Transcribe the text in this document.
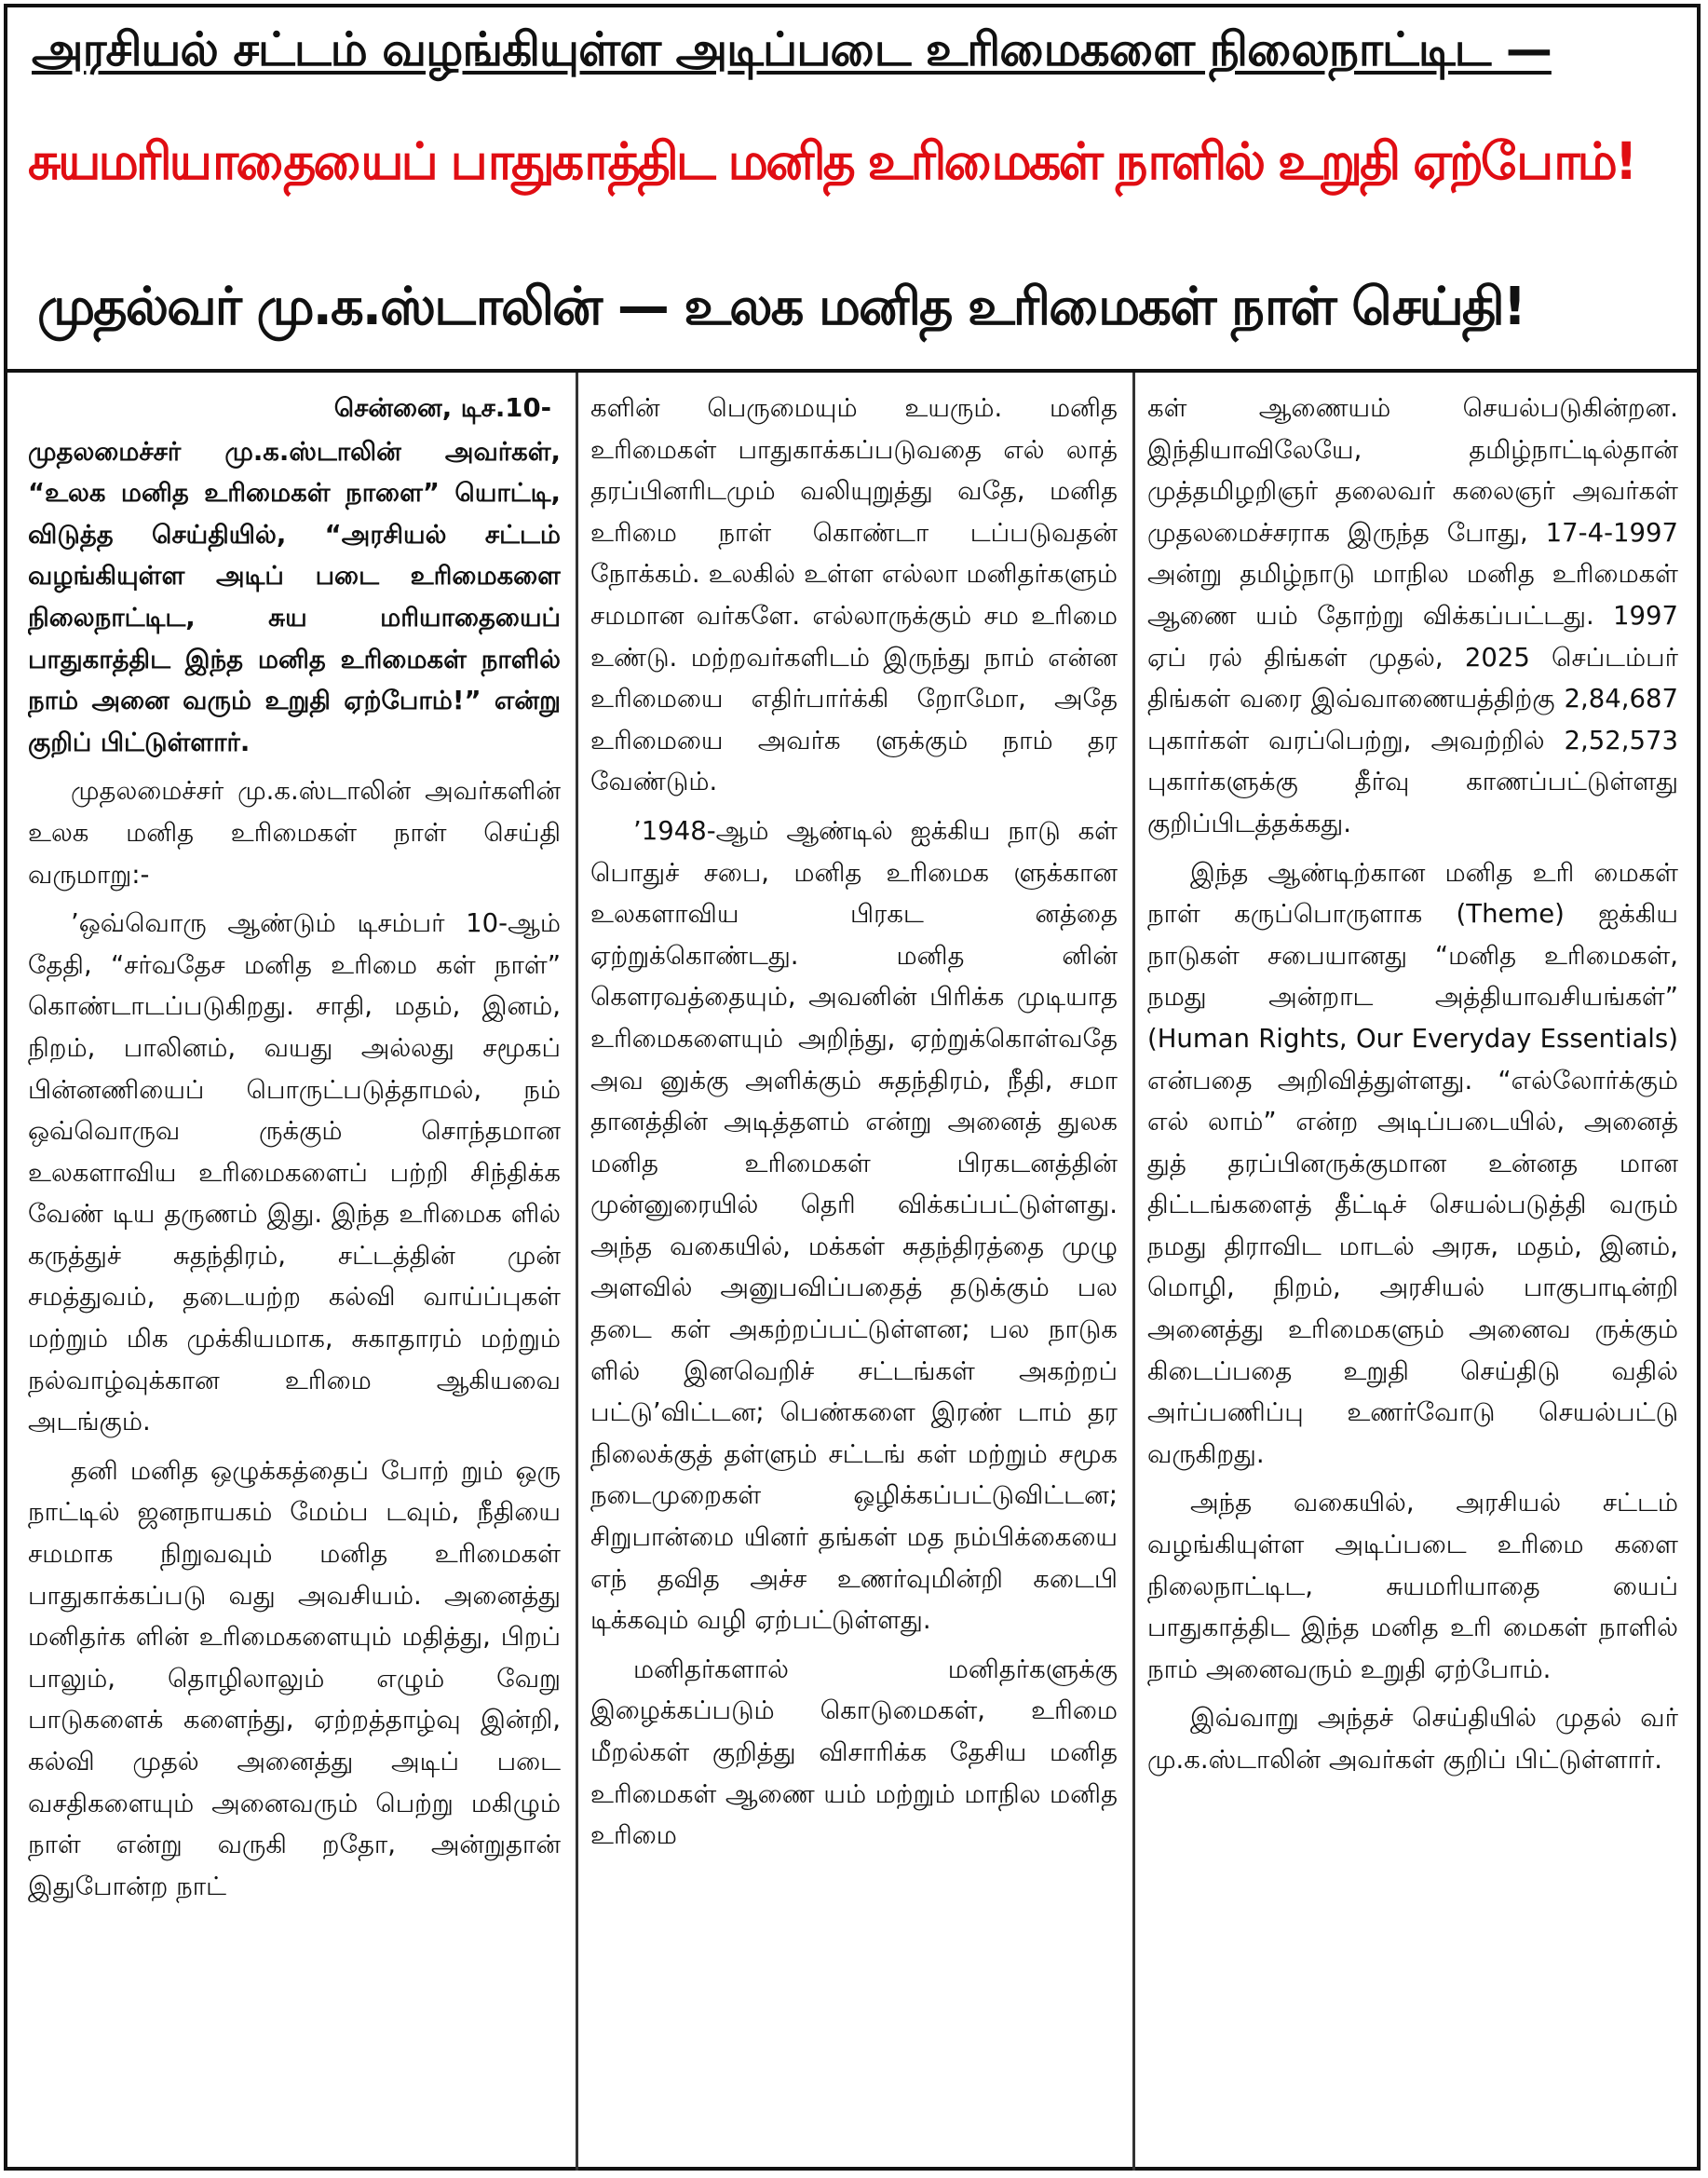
அரசியல் சட்டம் வழங்கியுள்ள அடிப்படை உரிமைகளை நிலைநாட்டிட —
சுயமரியாதையைப் பாதுகாத்திட மனித உரிமைகள் நாளில் உறுதி ஏற்போம்!
முதல்வர் மு.க.ஸ்டாலின் — உலக மனித உரிமைகள் நாள் செய்தி!

சென்னை, டிச.10-

முதலமைச்சர் மு.க.ஸ்டாலின் அவர்கள், “உலக மனித உரிமைகள் நாளை” யொட்டி, விடுத்த செய்தியில், “அரசியல் சட்டம் வழங்கியுள்ள அடிப் படை உரிமைகளை நிலைநாட்டிட, சுய மரியாதையைப் பாதுகாத்திட இந்த மனித உரிமைகள் நாளில் நாம் அனை வரும் உறுதி ஏற்போம்!” என்று குறிப் பிட்டுள்ளார்.

முதலமைச்சர் மு.க.ஸ்டாலின் அவர்களின் உலக மனித உரிமைகள் நாள் செய்தி வருமாறு:-

’ஒவ்வொரு ஆண்டும் டிசம்பர் 10-ஆம் தேதி, “சர்வதேச மனித உரிமை கள் நாள்” கொண்டாடப்படுகிறது. சாதி, மதம், இனம், நிறம், பாலினம், வயது அல்லது சமூகப் பின்னணியைப் பொருட்படுத்தாமல், நம் ஒவ்வொருவ ருக்கும் சொந்தமான உலகளாவிய உரிமைகளைப் பற்றி சிந்திக்க வேண் டிய தருணம் இது. இந்த உரிமைக ளில் கருத்துச் சுதந்திரம், சட்டத்தின் முன் சமத்துவம், தடையற்ற கல்வி வாய்ப்புகள் மற்றும் மிக முக்கியமாக, சுகாதாரம் மற்றும் நல்வாழ்வுக்கான உரிமை ஆகியவை அடங்கும்.

தனி மனித ஒழுக்கத்தைப் போற் றும் ஒரு நாட்டில் ஜனநாயகம் மேம்ப டவும், நீதியை சமமாக நிறுவவும் மனித உரிமைகள் பாதுகாக்கப்படு வது அவசியம். அனைத்து மனிதர்க ளின் உரிமைகளையும் மதித்து, பிறப் பாலும், தொழிலாலும் எழும் வேறு பாடுகளைக் களைந்து, ஏற்றத்தாழ்வு இன்றி, கல்வி முதல் அனைத்து அடிப் படை வசதிகளையும் அனைவரும் பெற்று மகிழும் நாள் என்று வருகி றதோ, அன்றுதான் இதுபோன்ற நாட்

களின் பெருமையும் உயரும். மனித உரிமைகள் பாதுகாக்கப்படுவதை எல் லாத் தரப்பினரிடமும் வலியுறுத்து வதே, மனித உரிமை நாள் கொண்டா டப்படுவதன் நோக்கம். உலகில் உள்ள எல்லா மனிதர்களும் சமமான வர்களே. எல்லாருக்கும் சம உரிமை உண்டு. மற்றவர்களிடம் இருந்து நாம் என்ன உரிமையை எதிர்பார்க்கி றோமோ, அதே உரிமையை அவர்க ளுக்கும் நாம் தர வேண்டும்.

’1948-ஆம் ஆண்டில் ஐக்கிய நாடு கள் பொதுச் சபை, மனித உரிமைக ளுக்கான உலகளாவிய பிரகட னத்தை ஏற்றுக்கொண்டது. மனித னின் கௌரவத்தையும், அவனின் பிரிக்க முடியாத உரிமைகளையும் அறிந்து, ஏற்றுக்கொள்வதே அவ னுக்கு அளிக்கும் சுதந்திரம், நீதி, சமா தானத்தின் அடித்தளம் என்று அனைத் துலக மனித உரிமைகள் பிரகடனத்தின் முன்னுரையில் தெரி விக்கப்பட்டுள்ளது. அந்த வகையில், மக்கள் சுதந்திரத்தை முழு அளவில் அனுபவிப்பதைத் தடுக்கும் பல தடை கள் அகற்றப்பட்டுள்ளன; பல நாடுக ளில் இனவெறிச் சட்டங்கள் அகற்றப் பட்டு’விட்டன; பெண்களை இரண் டாம் தர நிலைக்குத் தள்ளும் சட்டங் கள் மற்றும் சமூக நடைமுறைகள் ஒழிக்கப்பட்டுவிட்டன; சிறுபான்மை யினர் தங்கள் மத நம்பிக்கையை எந் தவித அச்ச உணர்வுமின்றி கடைபி டிக்கவும் வழி ஏற்பட்டுள்ளது.

மனிதர்களால் மனிதர்களுக்கு இழைக்கப்படும் கொடுமைகள், உரிமை மீறல்கள் குறித்து விசாரிக்க தேசிய மனித உரிமைகள் ஆணை யம் மற்றும் மாநில மனித உரிமை

கள் ஆணையம் செயல்படுகின்றன. இந்தியாவிலேயே, தமிழ்நாட்டில்தான் முத்தமிழறிஞர் தலைவர் கலைஞர் அவர்கள் முதலமைச்சராக இருந்த போது, 17-4-1997 அன்று தமிழ்நாடு மாநில மனித உரிமைகள் ஆணை யம் தோற்று விக்கப்பட்டது. 1997 ஏப் ரல் திங்கள் முதல், 2025 செப்டம்பர் திங்கள் வரை இவ்வாணையத்திற்கு 2,84,687 புகார்கள் வரப்பெற்று, அவற்றில் 2,52,573 புகார்களுக்கு தீர்வு காணப்பட்டுள்ளது குறிப்பிடத்தக்கது.

இந்த ஆண்டிற்கான மனித உரி மைகள் நாள் கருப்பொருளாக (Theme) ஐக்கிய நாடுகள் சபையானது “மனித உரிமைகள், நமது அன்றாட அத்தியாவசியங்கள்” (Human Rights, Our Everyday Essentials) என்பதை அறிவித்துள்ளது. “எல்லோர்க்கும் எல் லாம்” என்ற அடிப்படையில், அனைத் துத் தரப்பினருக்குமான உன்னத மான திட்டங்களைத் தீட்டிச் செயல்படுத்தி வரும் நமது திராவிட மாடல் அரசு, மதம், இனம், மொழி, நிறம், அரசியல் பாகுபாடின்றி அனைத்து உரிமைகளும் அனைவ ருக்கும் கிடைப்பதை உறுதி செய்திடு வதில் அர்ப்பணிப்பு உணர்வோடு செயல்பட்டு வருகிறது.

அந்த வகையில், அரசியல் சட்டம் வழங்கியுள்ள அடிப்படை உரிமை களை நிலைநாட்டிட, சுயமரியாதை யைப் பாதுகாத்திட இந்த மனித உரி மைகள் நாளில் நாம் அனைவரும் உறுதி ஏற்போம்.

இவ்வாறு அந்தச் செய்தியில் முதல் வர் மு.க.ஸ்டாலின் அவர்கள் குறிப் பிட்டுள்ளார்.
